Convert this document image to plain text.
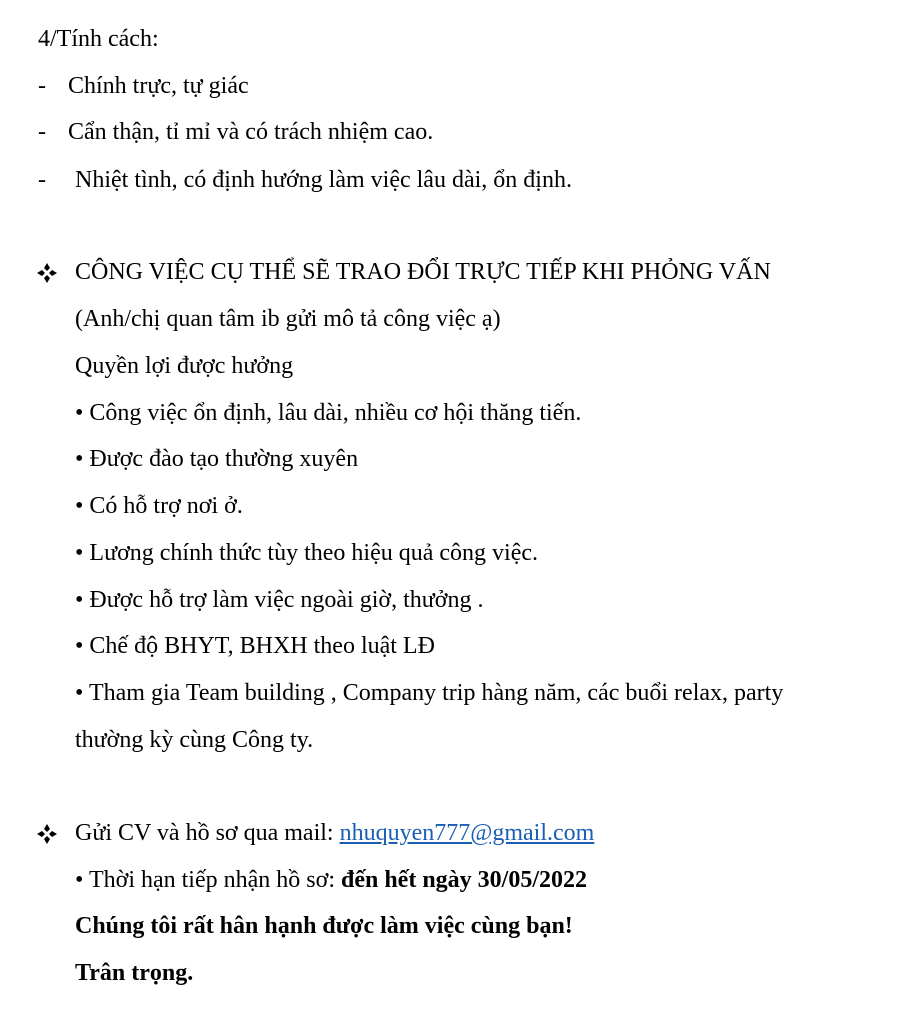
4/Tính cách:
- Chính trực, tự giác
- Cẩn thận, tỉ mỉ và có trách nhiệm cao.
- Nhiệt tình, có định hướng làm việc lâu dài, ổn định.
CÔNG VIỆC CỤ THỂ SẼ TRAO ĐỔI TRỰC TIẾP KHI PHỎNG VẤN
(Anh/chị quan tâm ib gửi mô tả công việc ạ)
Quyền lợi được hưởng
• Công việc ổn định, lâu dài, nhiều cơ hội thăng tiến.
• Được đào tạo thường xuyên
• Có hỗ trợ nơi ở.
• Lương chính thức tùy theo hiệu quả công việc.
• Được hỗ trợ làm việc ngoài giờ, thưởng .
• Chế độ BHYT, BHXH theo luật LĐ
• Tham gia Team building , Company trip hàng năm, các buổi relax, party
thường kỳ cùng Công ty.
Gửi CV và hồ sơ qua mail: nhuquyen777@gmail.com
• Thời hạn tiếp nhận hồ sơ: đến hết ngày 30/05/2022
Chúng tôi rất hân hạnh được làm việc cùng bạn!
Trân trọng.
